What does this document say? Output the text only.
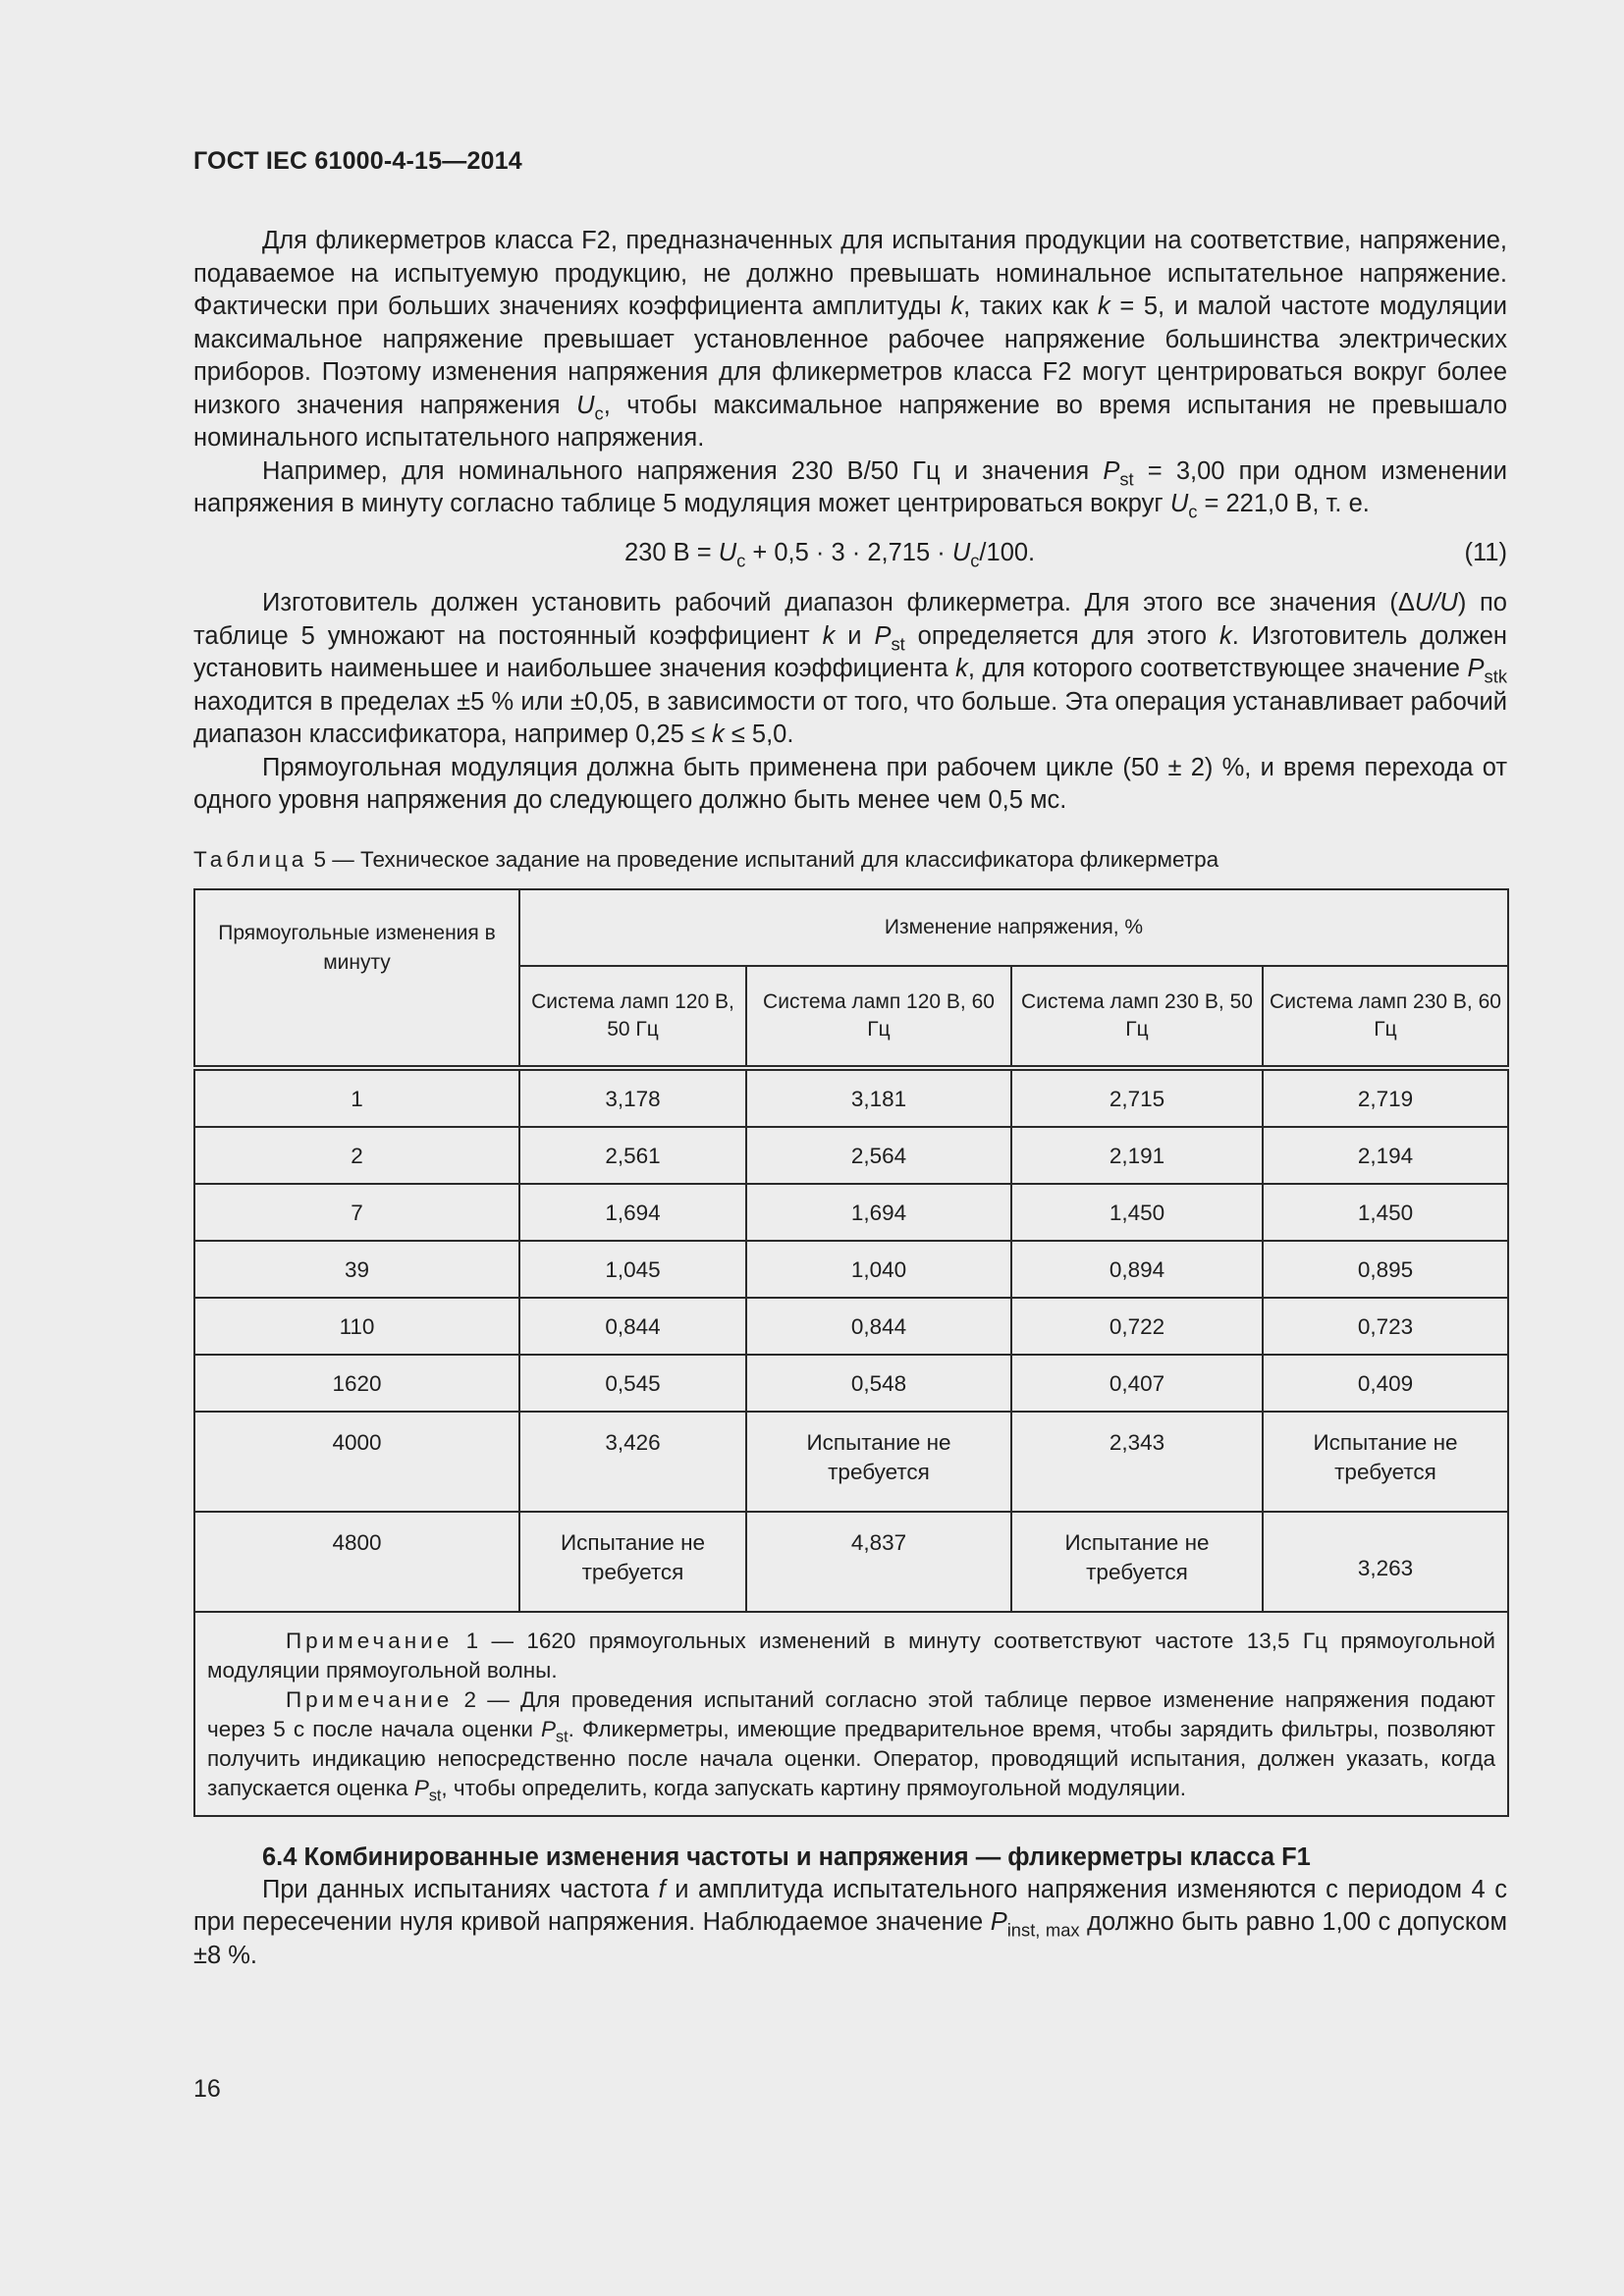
ГОСТ IEC 61000-4-15—2014

Для фликерметров класса F2, предназначенных для испытания продукции на соответствие, напряжение, подаваемое на испытуемую продукцию, не должно превышать номинальное испытательное напряжение. Фактически при больших значениях коэффициента амплитуды k, таких как k = 5, и малой частоте модуляции максимальное напряжение превышает установленное рабочее напряжение большинства электрических приборов. Поэтому изменения напряжения для фликерметров класса F2 могут центрироваться вокруг более низкого значения напряжения $U_c$, чтобы максимальное напряжение во время испытания не превышало номинального испытательного напряжения.

Например, для номинального напряжения 230 В/50 Гц и значения $P_{st} = 3,00$ при одном изменении напряжения в минуту согласно таблице 5 модуляция может центрироваться вокруг $U_c = 221,0$ В, т. е.

230 $В = U_c + 0,5 \cdot 3 \cdot 2,715 \cdot U_c/100$.	(11)

Изготовитель должен установить рабочий диапазон фликерметра. Для этого все значения (ΔU/U) по таблице 5 умножают на постоянный коэффициент k и $P_{st}$ определяется для этого k. Изготовитель должен установить наименьшее и наибольшее значения коэффициента k, для которого соответствующее значение $P_{stk}$ находится в пределах ±5 % или ±0,05, в зависимости от того, что больше. Эта операция устанавливает рабочий диапазон классификатора, например 0,25 ≤ k ≤ 5,0.

Прямоугольная модуляция должна быть применена при рабочем цикле (50 ± 2) %, и время перехода от одного уровня напряжения до следующего должно быть менее чем 0,5 мс.

Таблица 5 — Техническое задание на проведение испытаний для классификатора фликерметра
Прямоугольные изменения в минуту	Изменение напряжения, %			
	Система ламп 120 В, 50 Гц	Система ламп 120 В, 60 Гц	Система ламп 230 В, 50 Гц	Система ламп 230 В, 60 Гц
1	3,178	3,181	2,715	2,719
2	2,561	2,564	2,191	2,194
7	1,694	1,694	1,450	1,450
39	1,045	1,040	0,894	0,895
110	0,844	0,844	0,722	0,723
1620	0,545	0,548	0,407	0,409
4000	3,426	Испытание не требуется	2,343	Испытание не требуется
4800	Испытание не требуется	4,837	Испытание не требуется	3,263

Примечание 1 — 1620 прямоугольных изменений в минуту соответствуют частоте 13,5 Гц прямоугольной модуляции прямоугольной волны.

Примечание 2 — Для проведения испытаний согласно этой таблице первое изменение напряжения подают через 5 с после начала оценки $P_{st}$. Фликерметры, имеющие предварительное время, чтобы зарядить фильтры, позволяют получить индикацию непосредственно после начала оценки. Оператор, проводящий испытания, должен указать, когда запускается оценка $P_{st}$, чтобы определить, когда запускать картину прямоугольной модуляции.				

6.4 Комбинированные изменения частоты и напряжения — фликерметры класса F1

При данных испытаниях частота f и амплитуда испытательного напряжения изменяются с периодом 4 с при пересечении нуля кривой напряжения. Наблюдаемое значение $P_{inst, max}$ должно быть равно 1,00 с допуском ±8 %.

16
